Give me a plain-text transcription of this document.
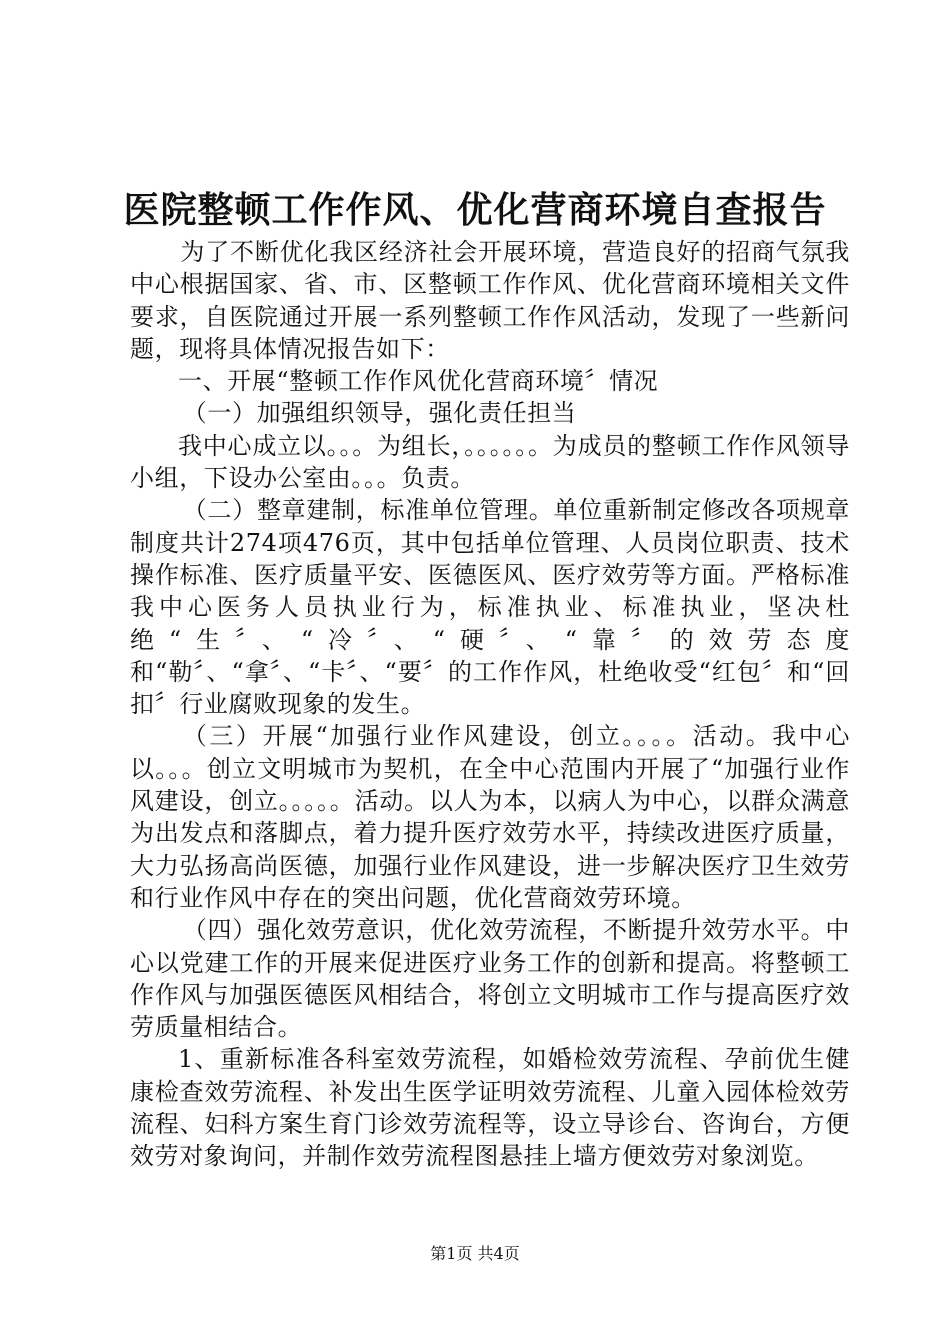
医院整顿工作作风、优化营商环境自查报告

为了不断优化我区经济社会开展环境，营造良好的招商气氛我中心根据国家、省、市、区整顿工作作风、优化营商环境相关文件要求，自医院通过开展一系列整顿工作作风活动，发现了一些新问题，现将具体情况报告如下：

一、开展“整顿工作作风优化营商环境〞情况

（一）加强组织领导，强化责任担当

我中心成立以。。。为组长，。。。。。。为成员的整顿工作作风领导小组，下设办公室由。。。负责。

（二）整章建制，标准单位管理。单位重新制定修改各项规章制度共计274项476页，其中包括单位管理、人员岗位职责、技术操作标准、医疗质量平安、医德医风、医疗效劳等方面。严格标准我中心医务人员执业行为，标准执业、标准执业，坚决杜绝“生〞、“冷〞、“硬〞、“靠〞的效劳态度和“勒〞、“拿〞、“卡〞、“要〞的工作作风，杜绝收受“红包〞和“回扣〞行业腐败现象的发生。

（三）开展“加强行业作风建设，创立。。。。活动。我中心以。。。创立文明城市为契机，在全中心范围内开展了“加强行业作风建设，创立。。。。。活动。以人为本，以病人为中心，以群众满意为出发点和落脚点，着力提升医疗效劳水平，持续改进医疗质量，大力弘扬高尚医德，加强行业作风建设，进一步解决医疗卫生效劳和行业作风中存在的突出问题，优化营商效劳环境。

（四）强化效劳意识，优化效劳流程，不断提升效劳水平。中心以党建工作的开展来促进医疗业务工作的创新和提高。将整顿工作作风与加强医德医风相结合，将创立文明城市工作与提高医疗效劳质量相结合。

1、重新标准各科室效劳流程，如婚检效劳流程、孕前优生健康检查效劳流程、补发出生医学证明效劳流程、儿童入园体检效劳流程、妇科方案生育门诊效劳流程等，设立导诊台、咨询台，方便效劳对象询问，并制作效劳流程图悬挂上墙方便效劳对象浏览。

第1页 共4页
